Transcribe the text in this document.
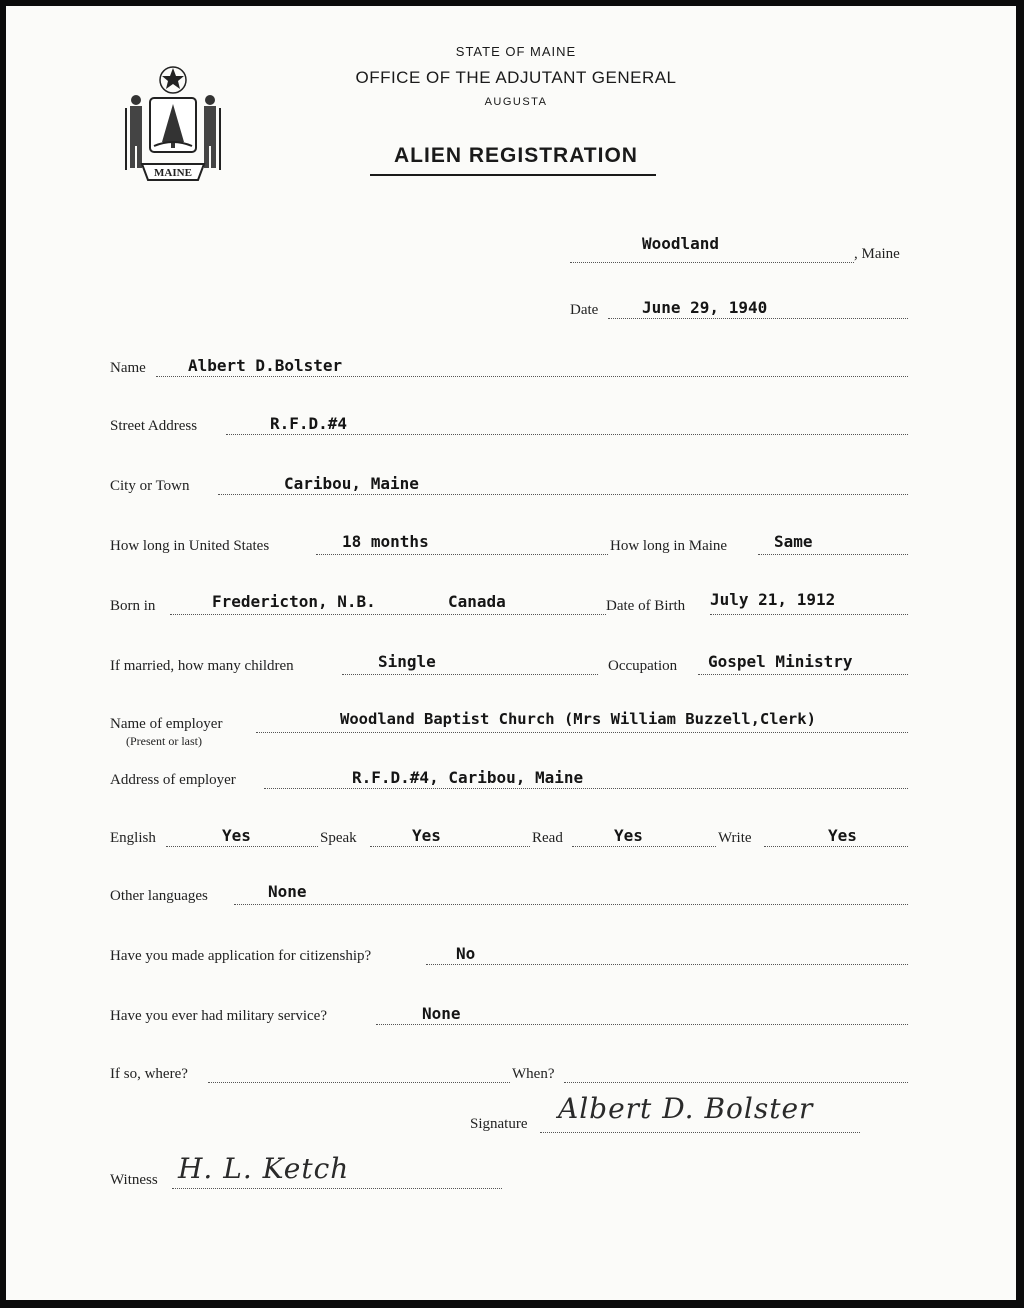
MAINE
STATE OF MAINE
OFFICE OF THE ADJUTANT GENERAL
AUGUSTA
ALIEN REGISTRATION
Woodland
, Maine
Date	June 29, 1940
Name	Albert D.Bolster
Street Address	R.F.D.#4
City or Town	Caribou, Maine
How long in United States	18 months	How long in Maine	Same
Born in	Fredericton, N.B.	Canada	Date of Birth July 21, 1912
If married, how many children	Single	Occupation Gospel Ministry
Name of employer
(Present or last)
Woodland Baptist Church (Mrs William Buzzell,Clerk)
Address of employer	R.F.D.#4, Caribou, Maine
English	Yes	Speak	Yes	Read	Yes	Write	Yes
Other languages	None
Have you made application for citizenship?	No
Have you ever had military service?	None
If so, where?	When?
Signature Albert D. Bolster
Witness H. L. Ketch
